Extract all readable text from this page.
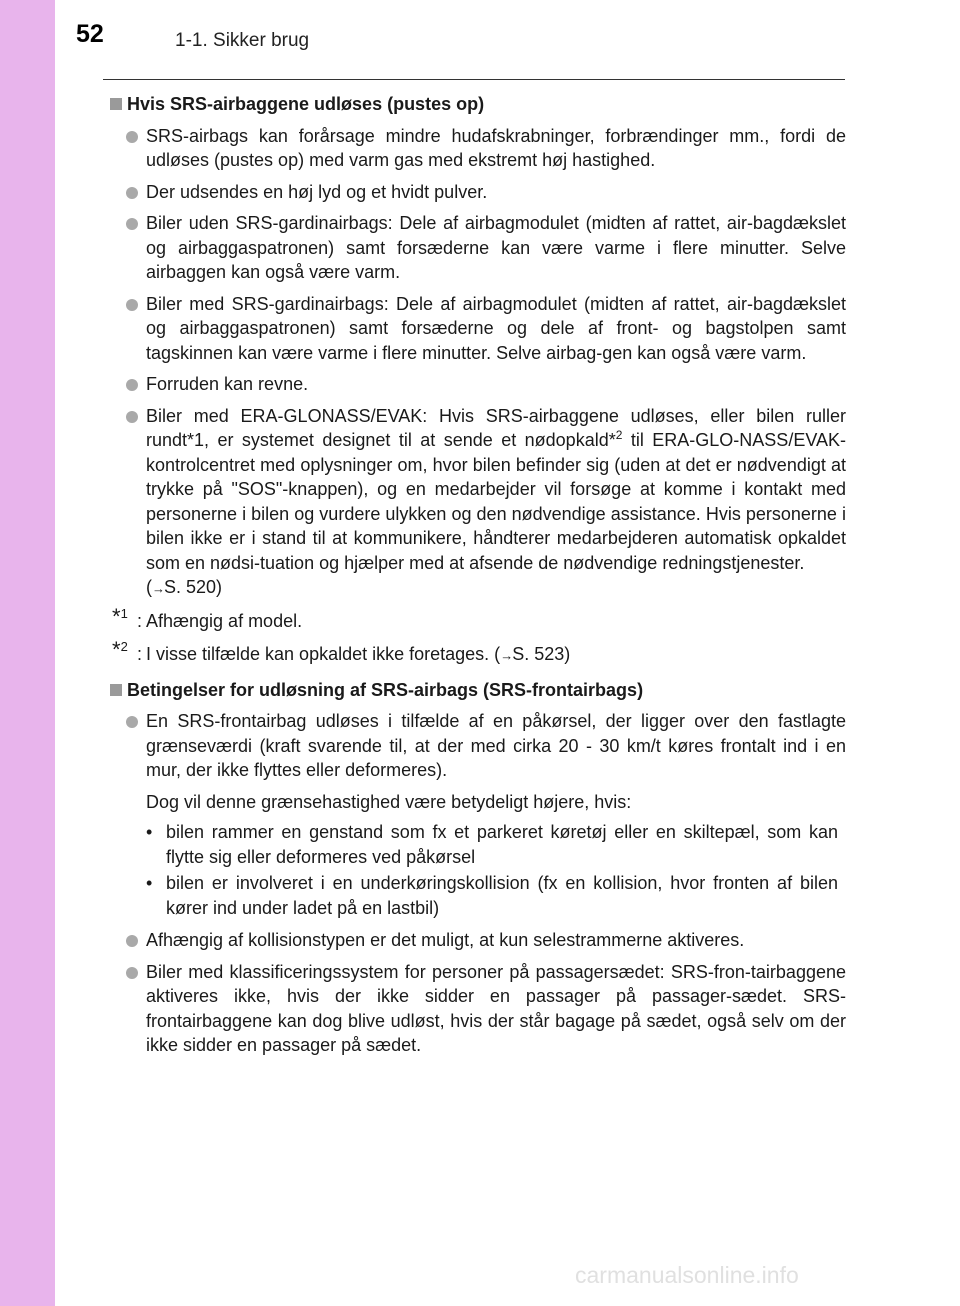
52	1-1. Sikker brug
Hvis SRS-airbaggene udløses (pustes op)
SRS-airbags kan forårsage mindre hudafskrabninger, forbrændinger mm., fordi de udløses (pustes op) med varm gas med ekstremt høj hastighed.
Der udsendes en høj lyd og et hvidt pulver.
Biler uden SRS-gardinairbags: Dele af airbagmodulet (midten af rattet, air-bagdækslet og airbaggaspatronen) samt forsæderne kan være varme i flere minutter. Selve airbaggen kan også være varm.
Biler med SRS-gardinairbags: Dele af airbagmodulet (midten af rattet, air-bagdækslet og airbaggaspatronen) samt forsæderne og dele af front- og bagstolpen samt tagskinnen kan være varme i flere minutter. Selve airbag-gen kan også være varm.
Forruden kan revne.
Biler med ERA-GLONASS/EVAK: Hvis SRS-airbaggene udløses, eller bilen ruller rundt*1, er systemet designet til at sende et nødopkald*$^2$ til ERA-GLO-NASS/EVAK-kontrolcentret med oplysninger om, hvor bilen befinder sig (uden at det er nødvendigt at trykke på "SOS"-knappen), og en medarbejder vil forsøge at komme i kontakt med personerne i bilen og vurdere ulykken og den nødvendige assistance. Hvis personerne i bilen ikke er i stand til at kommunikere, håndterer medarbejderen automatisk opkaldet som en nødsi-tuation og hjælper med at afsende de nødvendige redningstjenester.
(→S. 520)
*$^1$ : Afhængig af model.
*$^2$ : I visse tilfælde kan opkaldet ikke foretages. (→S. 523)
Betingelser for udløsning af SRS-airbags (SRS-frontairbags)
En SRS-frontairbag udløses i tilfælde af en påkørsel, der ligger over den fastlagte grænseværdi (kraft svarende til, at der med cirka 20 - 30 km/t køres frontalt ind i en mur, der ikke flyttes eller deformeres).
Dog vil denne grænsehastighed være betydeligt højere, hvis:
• bilen rammer en genstand som fx et parkeret køretøj eller en skiltepæl, som kan flytte sig eller deformeres ved påkørsel
• bilen er involveret i en underkøringskollision (fx en kollision, hvor fronten af bilen kører ind under ladet på en lastbil)
Afhængig af kollisionstypen er det muligt, at kun selestrammerne aktiveres.
Biler med klassificeringssystem for personer på passagersædet: SRS-fron-tairbaggene aktiveres ikke, hvis der ikke sidder en passager på passager-sædet. SRS-frontairbaggene kan dog blive udløst, hvis der står bagage på sædet, også selv om der ikke sidder en passager på sædet.
carmanualsonline.info
